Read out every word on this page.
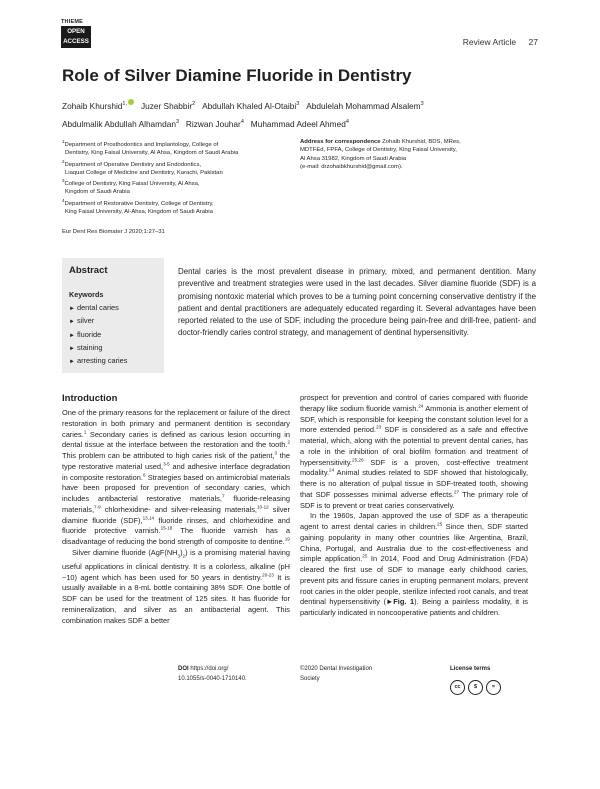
THIEME
OPEN
ACCESS	Review Article 27
Role of Silver Diamine Fluoride in Dentistry
Zohaib Khurshid$^{1,}$ Juzer Shabbir$^2$ Abdullah Khaled Al-Otaibi$^3$ Abdulelah Mohammad Alsalem$^3$
Abdulmalik Abdullah Alhamdan$^3$ Rizwan Jouhar$^4$ Muhammad Adeel Ahmed$^4$
$^1$Department of Prosthodontics and Implantology, College of
Dentistry, King Faisal University, Al Ahsa, Kingdom of Saudi Arabia
$^2$Department of Operative Dentistry and Endodontics,
Liaquat College of Medicine and Dentistry, Karachi, Pakistan
$^3$College of Dentistry, King Faisal University, Al Ahsa,
Kingdom of Saudi Arabia
$^4$Department of Restorative Dentistry, College of Dentistry,
King Faisal University, Al-Ahsa, Kingdom of Saudi Arabia
Address for correspondence Zohaib Khurshid, BDS, MRes,
MDTFEd, FPFA, College of Dentistry, King Faisal University,
Al Ahsa 31982, Kingdom of Saudi Arabia
(e-mail: drzohaibkhurshid@gmail.com).
Eur Dent Res Biomater J 2020;1:27–31
Abstract
Keywords
► dental caries
► silver
► fluoride
► staining
► arresting caries
Dental caries is the most prevalent disease in primary, mixed, and permanent dentition. Many preventive and treatment strategies were used in the last decades. Silver diamine fluoride (SDF) is a promising nontoxic material which proves to be a turning point concerning conservative dentistry if the patient and dental practitioners are adequately educated regarding it. Several advantages have been reported related to the use of SDF, including the procedure being pain-free and drill-free, patient- and doctor-friendly caries control strategy, and management of dentinal hypersensitivity.
Introduction

One of the primary reasons for the replacement or failure of the direct restoration in both primary and permanent dentition is secondary caries.$^1$ Secondary caries is defined as carious lesion occurring in dental tissue at the interface between the restoration and the tooth.$^2$ This problem can be attributed to high caries risk of the patient,$^3$ the type restorative material used,$^{3-5}$ and adhesive interface degradation in composite restoration.$^6$ Strategies based on antimicrobial materials have been proposed for prevention of secondary caries, which includes antibacterial restorative materials,$^7$ fluoride-releasing materials,$^{7-9}$ chlorhexidine- and silver-releasing materials,$^{10-12}$ silver diamine fluoride (SDF),$^{13,14}$ fluoride rinses, and chlorhexidine and fluoride protective varnish.$^{15-18}$ The fluoride varnish has a disadvantage of reducing the bond strength of composite to dentine.$^{19}$

Silver diamine fluoride $(AgF(NH_3)_2)$ is a promising material having useful applications in clinical dentistry. It is a colorless, alkaline (pH ~10) agent which has been used for 50 years in dentistry.$^{20-23}$ It is usually available in a 8-mL bottle containing 38% SDF. One bottle of SDF can be used for the treatment of 125 sites. It has fluoride for remineralization, and silver as an antibacterial agent. This combination makes SDF a better

prospect for prevention and control of caries compared with fluoride therapy like sodium fluoride varnish.$^{24}$ Ammonia is another element of SDF, which is responsible for keeping the constant solution level for a more extended period.$^{23}$ SDF is considered as a safe and effective material, which, along with the potential to prevent dental caries, has a role in the inhibition of oral biofilm formation and treatment of hypersensitivity.$^{25,26}$ SDF is a proven, cost-effective treatment modality.$^{24}$ Animal studies related to SDF showed that histologically, there is no alteration of pulpal tissue in SDF-treated tooth, showing that SDF possesses minimal adverse effects.$^{27}$ The primary role of SDF is to prevent or treat caries conservatively.

In the 1960s, Japan approved the use of SDF as a therapeutic agent to arrest dental caries in children.$^{25}$ Since then, SDF started gaining popularity in many other countries like Argentina, Brazil, China, Portugal, and Australia due to the cost-effectiveness and simple application.$^{25}$ In 2014, Food and Drug Administration (FDA) cleared the first use of SDF to manage early childhood caries, prevent pits and fissure caries in erupting permanent molars, prevent root caries in the older people, sterilize infected root canals, and treat dentinal hypersensitivity (►Fig. 1). Being a painless modality, it is particularly indicated in noncooperative patients and children.

DOI https://doi.org/
10.1055/s-0040-1710140.
©2020 Dental Investigation
Society
License terms
cc	$	=
